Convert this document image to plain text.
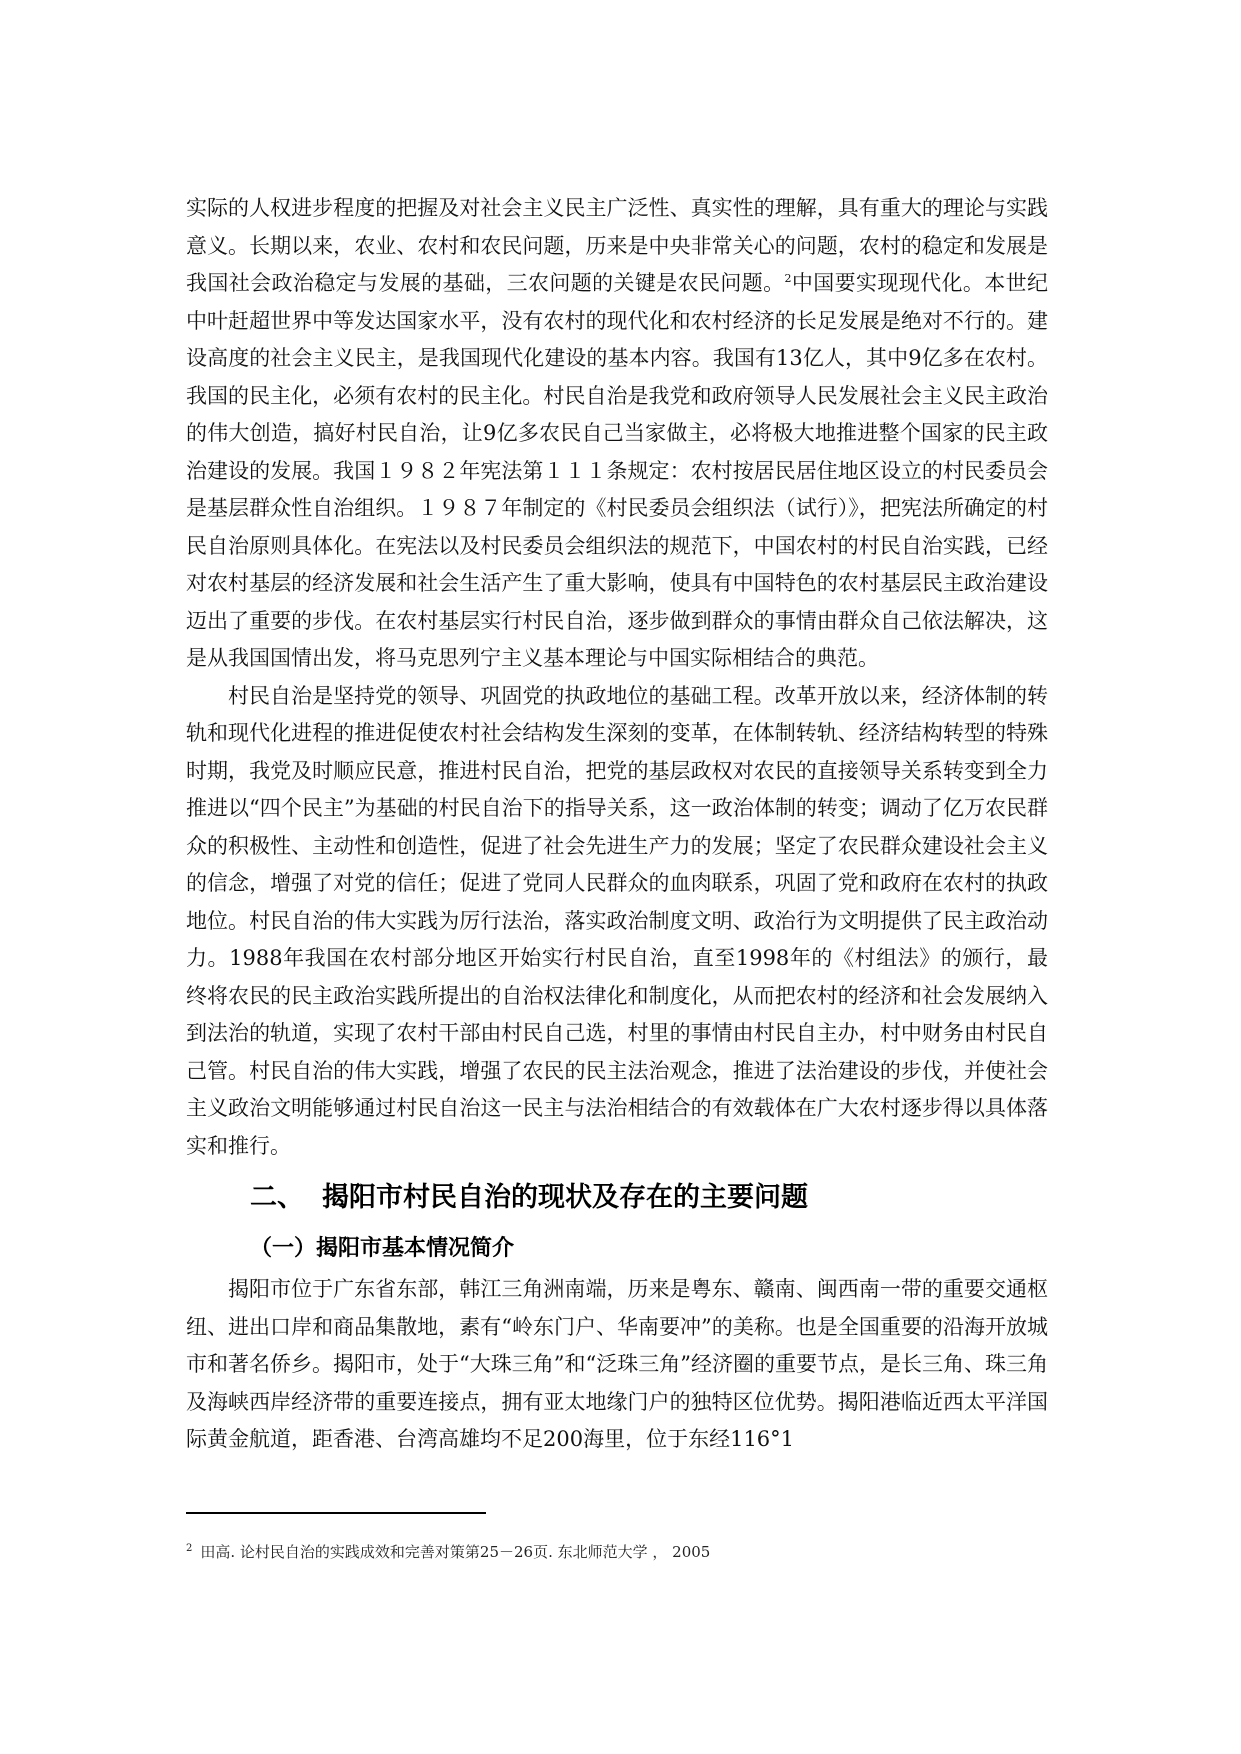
实际的人权进步程度的把握及对社会主义民主广泛性、真实性的理解，具有重大的理论与实践意义。长期以来，农业、农村和农民问题，历来是中央非常关心的问题，农村的稳定和发展是我国社会政治稳定与发展的基础，三农问题的关键是农民问题。$^2$中国要实现现代化。本世纪中叶赶超世界中等发达国家水平，没有农村的现代化和农村经济的长足发展是绝对不行的。建设高度的社会主义民主，是我国现代化建设的基本内容。我国有13亿人，其中9亿多在农村。我国的民主化，必须有农村的民主化。村民自治是我党和政府领导人民发展社会主义民主政治的伟大创造，搞好村民自治，让9亿多农民自己当家做主，必将极大地推进整个国家的民主政治建设的发展。我国１９８２年宪法第１１１条规定：农村按居民居住地区设立的村民委员会是基层群众性自治组织。１９８７年制定的《村民委员会组织法（试行）》，把宪法所确定的村民自治原则具体化。在宪法以及村民委员会组织法的规范下，中国农村的村民自治实践，已经对农村基层的经济发展和社会生活产生了重大影响，使具有中国特色的农村基层民主政治建设迈出了重要的步伐。在农村基层实行村民自治，逐步做到群众的事情由群众自己依法解决，这是从我国国情出发，将马克思列宁主义基本理论与中国实际相结合的典范。

村民自治是坚持党的领导、巩固党的执政地位的基础工程。改革开放以来，经济体制的转轨和现代化进程的推进促使农村社会结构发生深刻的变革，在体制转轨、经济结构转型的特殊时期，我党及时顺应民意，推进村民自治，把党的基层政权对农民的直接领导关系转变到全力推进以“四个民主”为基础的村民自治下的指导关系，这一政治体制的转变；调动了亿万农民群众的积极性、主动性和创造性，促进了社会先进生产力的发展；坚定了农民群众建设社会主义的信念，增强了对党的信任；促进了党同人民群众的血肉联系，巩固了党和政府在农村的执政地位。村民自治的伟大实践为厉行法治，落实政治制度文明、政治行为文明提供了民主政治动力。1988年我国在农村部分地区开始实行村民自治，直至1998年的《村组法》的颁行，最终将农民的民主政治实践所提出的自治权法律化和制度化，从而把农村的经济和社会发展纳入到法治的轨道，实现了农村干部由村民自己选，村里的事情由村民自主办，村中财务由村民自己管。村民自治的伟大实践，增强了农民的民主法治观念，推进了法治建设的步伐，并使社会主义政治文明能够通过村民自治这一民主与法治相结合的有效载体在广大农村逐步得以具体落实和推行。

二、 揭阳市村民自治的现状及存在的主要问题
（一）揭阳市基本情况简介

揭阳市位于广东省东部，韩江三角洲南端，历来是粤东、赣南、闽西南一带的重要交通枢纽、进出口岸和商品集散地，素有“岭东门户、华南要冲”的美称。也是全国重要的沿海开放城市和著名侨乡。揭阳市，处于“大珠三角”和“泛珠三角”经济圈的重要节点，是长三角、珠三角及海峡西岸经济带的重要连接点，拥有亚太地缘门户的独特区位优势。揭阳港临近西太平洋国际黄金航道，距香港、台湾高雄均不足200海里，位于东经116°1

$^2$ 田高. 论村民自治的实践成效和完善对策第25－26页. 东北师范大学 ， 2005
